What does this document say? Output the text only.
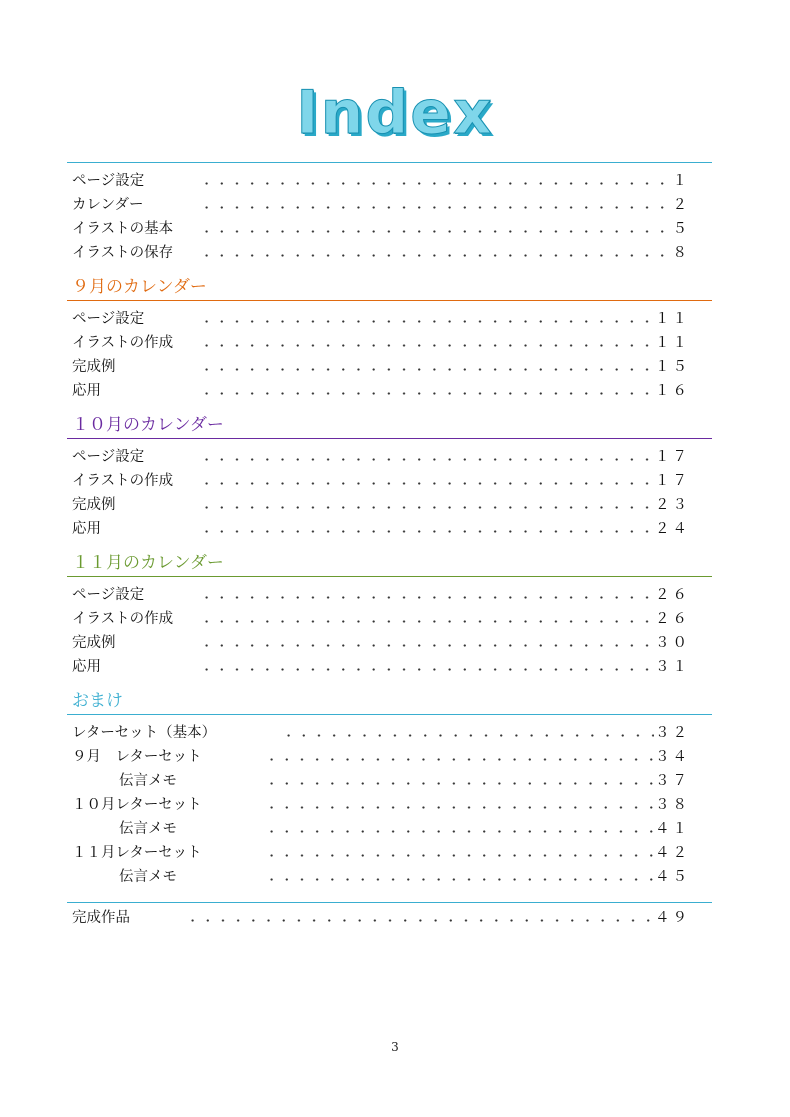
Index
ページ設定	１
カレンダー	２
イラストの基本	５
イラストの保存	８
９月のカレンダー
ページ設定	１１
イラストの作成	１１
完成例	１５
応用	１６
１０月のカレンダー
ページ設定	１７
イラストの作成	１７
完成例	２３
応用	２４
１１月のカレンダー
ページ設定	２６
イラストの作成	２６
完成例	３０
応用	３１
おまけ
レターセット（基本）	３２
９月　レターセット	３４
伝言メモ	３７
１０月レターセット	３８
伝言メモ	４１
１１月レターセット	４２
伝言メモ	４５
完成作品	４９
3
